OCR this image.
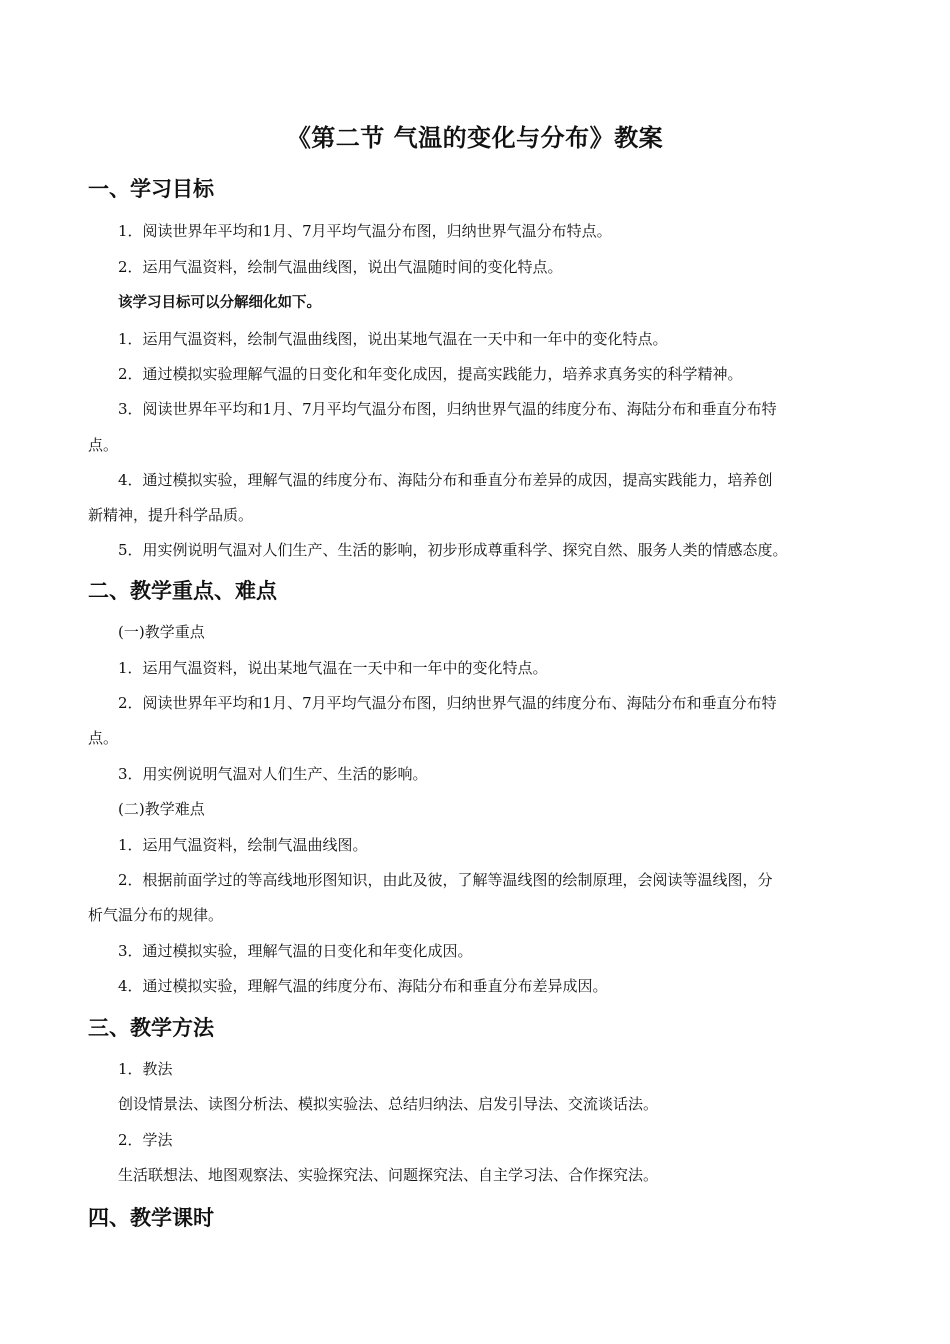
《第二节 气温的变化与分布》教案
一、学习目标
1．阅读世界年平均和1月、7月平均气温分布图，归纳世界气温分布特点。
2．运用气温资料，绘制气温曲线图，说出气温随时间的变化特点。
该学习目标可以分解细化如下。
1．运用气温资料，绘制气温曲线图，说出某地气温在一天中和一年中的变化特点。
2．通过模拟实验理解气温的日变化和年变化成因，提高实践能力，培养求真务实的科学精神。
3．阅读世界年平均和1月、7月平均气温分布图，归纳世界气温的纬度分布、海陆分布和垂直分布特
点。
4．通过模拟实验，理解气温的纬度分布、海陆分布和垂直分布差异的成因，提高实践能力，培养创
新精神，提升科学品质。
5．用实例说明气温对人们生产、生活的影响，初步形成尊重科学、探究自然、服务人类的情感态度。
二、教学重点、难点
(一)教学重点
1．运用气温资料，说出某地气温在一天中和一年中的变化特点。
2．阅读世界年平均和1月、7月平均气温分布图，归纳世界气温的纬度分布、海陆分布和垂直分布特
点。
3．用实例说明气温对人们生产、生活的影响。
(二)教学难点
1．运用气温资料，绘制气温曲线图。
2．根据前面学过的等高线地形图知识，由此及彼，了解等温线图的绘制原理，会阅读等温线图，分
析气温分布的规律。
3．通过模拟实验，理解气温的日变化和年变化成因。
4．通过模拟实验，理解气温的纬度分布、海陆分布和垂直分布差异成因。
三、教学方法
1．教法
创设情景法、读图分析法、模拟实验法、总结归纳法、启发引导法、交流谈话法。
2．学法
生活联想法、地图观察法、实验探究法、问题探究法、自主学习法、合作探究法。
四、教学课时
